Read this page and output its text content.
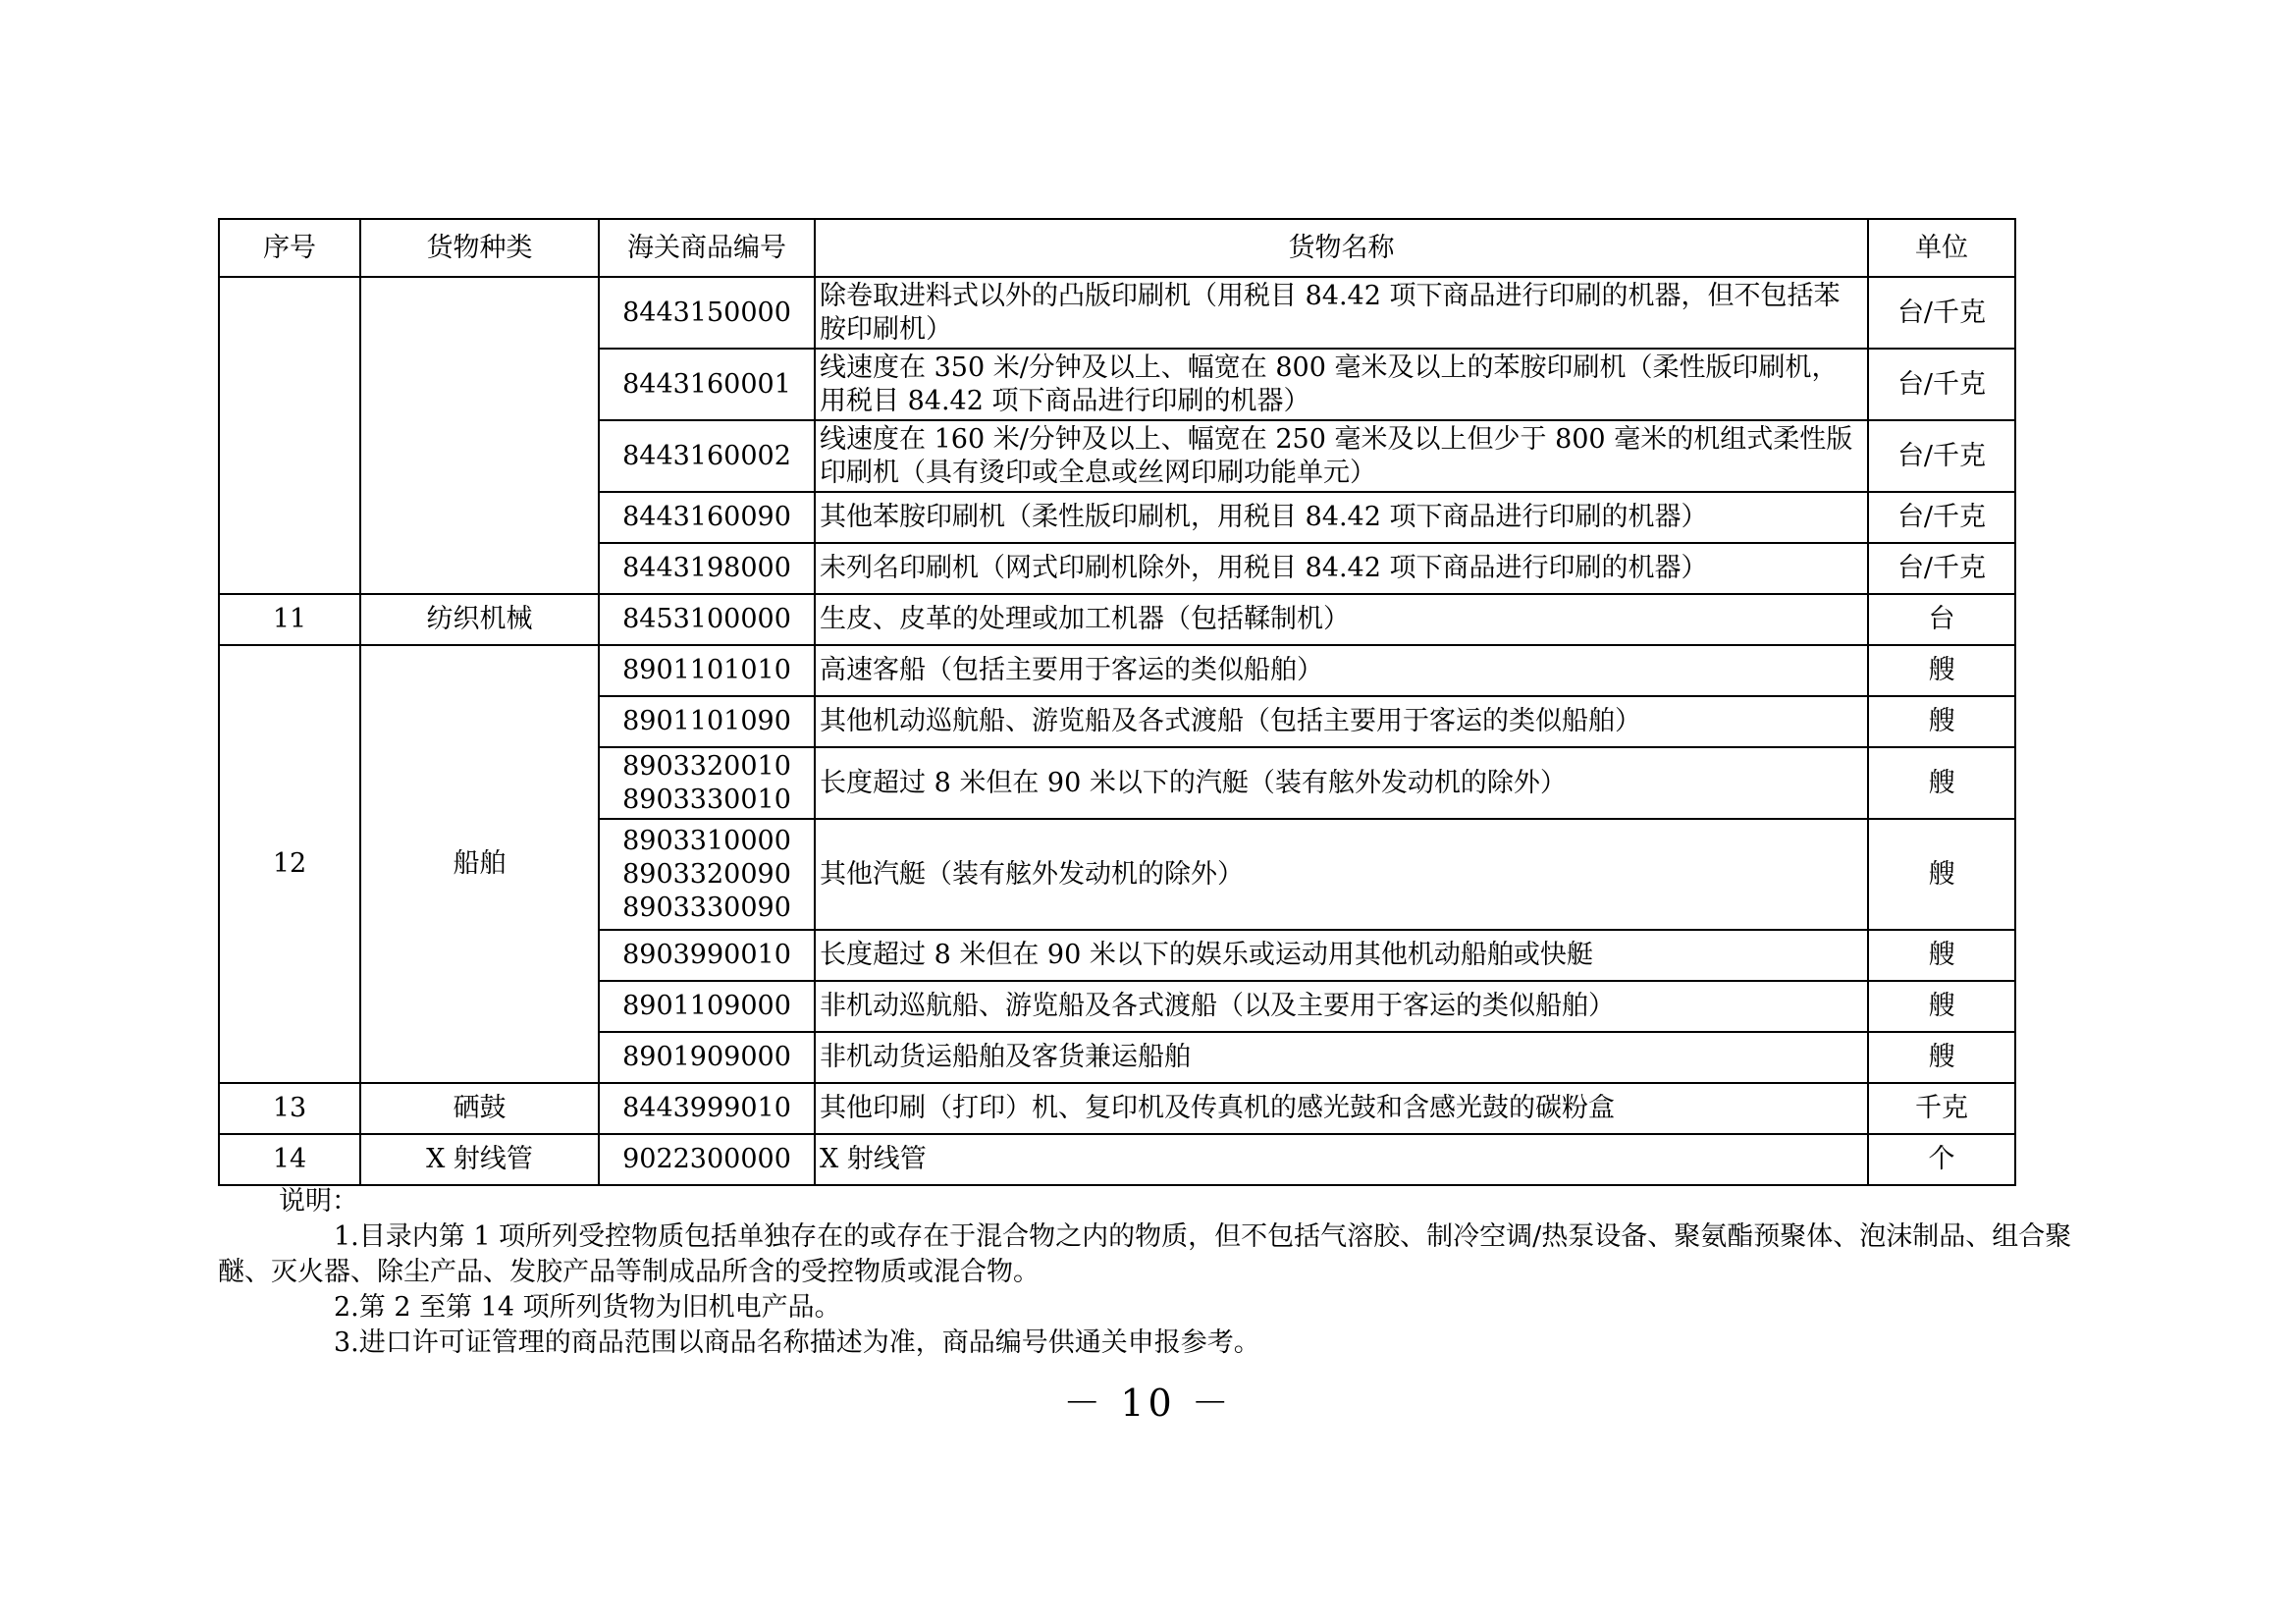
序号	货物种类	海关商品编号	货物名称	单位

		8443150000	除卷取进料式以外的凸版印刷机（用税目 84.42 项下商品进行印刷的机器，但不包括苯胺印刷机）	台/千克

		8443160001	线速度在 350 米/分钟及以上、幅宽在 800 毫米及以上的苯胺印刷机（柔性版印刷机，用税目 84.42 项下商品进行印刷的机器）	台/千克

		8443160002	线速度在 160 米/分钟及以上、幅宽在 250 毫米及以上但少于 800 毫米的机组式柔性版印刷机（具有烫印或全息或丝网印刷功能单元）	台/千克

		8443160090	其他苯胺印刷机（柔性版印刷机，用税目 84.42 项下商品进行印刷的机器）	台/千克

		8443198000	未列名印刷机（网式印刷机除外，用税目 84.42 项下商品进行印刷的机器）	台/千克
11	纺织机械	8453100000	生皮、皮革的处理或加工机器（包括鞣制机）	台
12	船舶	8901101010	高速客船（包括主要用于客运的类似船舶）	艘

		8901101090	其他机动巡航船、游览船及各式渡船（包括主要用于客运的类似船舶）	艘

		8903320010
8903330010	长度超过 8 米但在 90 米以下的汽艇（装有舷外发动机的除外）	艘

		8903310000
8903320090
8903330090	其他汽艇（装有舷外发动机的除外）	艘

		8903990010	长度超过 8 米但在 90 米以下的娱乐或运动用其他机动船舶或快艇	艘

		8901109000	非机动巡航船、游览船及各式渡船（以及主要用于客运的类似船舶）	艘

		8901909000	非机动货运船舶及客货兼运船舶	艘
13	硒鼓	8443999010	其他印刷（打印）机、复印机及传真机的感光鼓和含感光鼓的碳粉盒	千克
14	X 射线管	9022300000	X 射线管	个
说明：
1.目录内第 1 项所列受控物质包括单独存在的或存在于混合物之内的物质，但不包括气溶胶、制冷空调/热泵设备、聚氨酯预聚体、泡沫制品、组合聚醚、灭火器、除尘产品、发胶产品等制成品所含的受控物质或混合物。
2.第 2 至第 14 项所列货物为旧机电产品。
3.进口许可证管理的商品范围以商品名称描述为准，商品编号供通关申报参考。
－ 10 －
